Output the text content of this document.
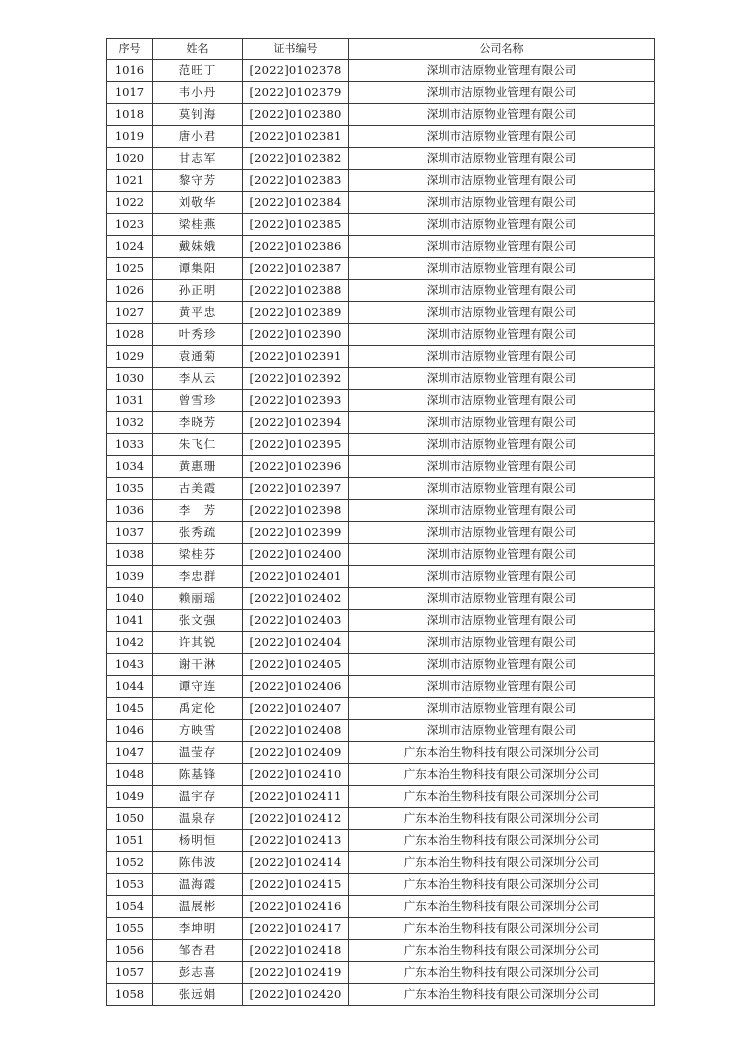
序号	姓名	证书编号	公司名称
1016	范旺丁	[2022]0102378	深圳市洁原物业管理有限公司
1017	韦小丹	[2022]0102379	深圳市洁原物业管理有限公司
1018	莫钊海	[2022]0102380	深圳市洁原物业管理有限公司
1019	唐小君	[2022]0102381	深圳市洁原物业管理有限公司
1020	甘志军	[2022]0102382	深圳市洁原物业管理有限公司
1021	黎守芳	[2022]0102383	深圳市洁原物业管理有限公司
1022	刘敬华	[2022]0102384	深圳市洁原物业管理有限公司
1023	梁桂燕	[2022]0102385	深圳市洁原物业管理有限公司
1024	戴妹娥	[2022]0102386	深圳市洁原物业管理有限公司
1025	谭集阳	[2022]0102387	深圳市洁原物业管理有限公司
1026	孙正明	[2022]0102388	深圳市洁原物业管理有限公司
1027	黄平忠	[2022]0102389	深圳市洁原物业管理有限公司
1028	叶秀珍	[2022]0102390	深圳市洁原物业管理有限公司
1029	袁通菊	[2022]0102391	深圳市洁原物业管理有限公司
1030	李从云	[2022]0102392	深圳市洁原物业管理有限公司
1031	曾雪珍	[2022]0102393	深圳市洁原物业管理有限公司
1032	李晓芳	[2022]0102394	深圳市洁原物业管理有限公司
1033	朱飞仁	[2022]0102395	深圳市洁原物业管理有限公司
1034	黄惠珊	[2022]0102396	深圳市洁原物业管理有限公司
1035	古美霞	[2022]0102397	深圳市洁原物业管理有限公司
1036	李　芳	[2022]0102398	深圳市洁原物业管理有限公司
1037	张秀疏	[2022]0102399	深圳市洁原物业管理有限公司
1038	梁桂芬	[2022]0102400	深圳市洁原物业管理有限公司
1039	李忠群	[2022]0102401	深圳市洁原物业管理有限公司
1040	赖丽瑶	[2022]0102402	深圳市洁原物业管理有限公司
1041	张文强	[2022]0102403	深圳市洁原物业管理有限公司
1042	许其锐	[2022]0102404	深圳市洁原物业管理有限公司
1043	谢干淋	[2022]0102405	深圳市洁原物业管理有限公司
1044	谭守连	[2022]0102406	深圳市洁原物业管理有限公司
1045	禹定伦	[2022]0102407	深圳市洁原物业管理有限公司
1046	方映雪	[2022]0102408	深圳市洁原物业管理有限公司
1047	温莹存	[2022]0102409	广东本治生物科技有限公司深圳分公司
1048	陈基锋	[2022]0102410	广东本治生物科技有限公司深圳分公司
1049	温宇存	[2022]0102411	广东本治生物科技有限公司深圳分公司
1050	温泉存	[2022]0102412	广东本治生物科技有限公司深圳分公司
1051	杨明恒	[2022]0102413	广东本治生物科技有限公司深圳分公司
1052	陈伟波	[2022]0102414	广东本治生物科技有限公司深圳分公司
1053	温海霞	[2022]0102415	广东本治生物科技有限公司深圳分公司
1054	温展彬	[2022]0102416	广东本治生物科技有限公司深圳分公司
1055	李坤明	[2022]0102417	广东本治生物科技有限公司深圳分公司
1056	邹杏君	[2022]0102418	广东本治生物科技有限公司深圳分公司
1057	彭志喜	[2022]0102419	广东本治生物科技有限公司深圳分公司
1058	张远娟	[2022]0102420	广东本治生物科技有限公司深圳分公司
